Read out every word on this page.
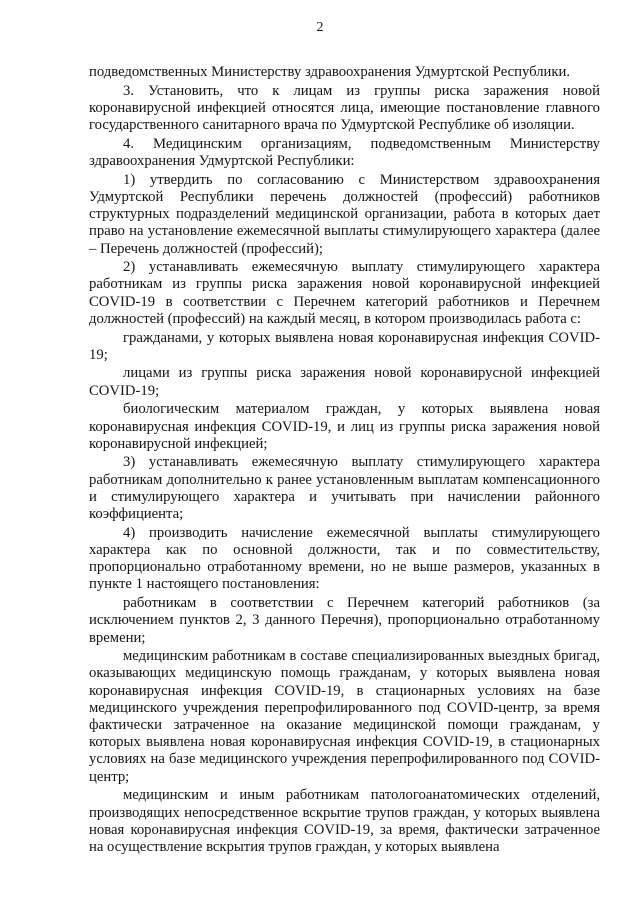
2

подведомственных Министерству здравоохранения Удмуртской Республики.

3. Установить, что к лицам из группы риска заражения новой коронавирусной инфекцией относятся лица, имеющие постановление главного государственного санитарного врача по Удмуртской Республике об изоляции.

4. Медицинским организациям, подведомственным Министерству здравоохранения Удмуртской Республики:

1) утвердить по согласованию с Министерством здравоохранения Удмуртской Республики перечень должностей (профессий) работников структурных подразделений медицинской организации, работа в которых дает право на установление ежемесячной выплаты стимулирующего характера (далее – Перечень должностей (профессий);

2) устанавливать ежемесячную выплату стимулирующего характера работникам из группы риска заражения новой коронавирусной инфекцией COVID-19 в соответствии с Перечнем категорий работников и Перечнем должностей (профессий) на каждый месяц, в котором производилась работа с:

гражданами, у которых выявлена новая коронавирусная инфекция COVID-19;

лицами из группы риска заражения новой коронавирусной инфекцией COVID-19;

биологическим материалом граждан, у которых выявлена новая коронавирусная инфекция COVID-19, и лиц из группы риска заражения новой коронавирусной инфекцией;

3) устанавливать ежемесячную выплату стимулирующего характера работникам дополнительно к ранее установленным выплатам компенсационного и стимулирующего характера и учитывать при начислении районного коэффициента;

4) производить начисление ежемесячной выплаты стимулирующего характера как по основной должности, так и по совместительству, пропорционально отработанному времени, но не выше размеров, указанных в пункте 1 настоящего постановления:

работникам в соответствии с Перечнем категорий работников (за исключением пунктов 2, 3 данного Перечня), пропорционально отработанному времени;

медицинским работникам в составе специализированных выездных бригад, оказывающих медицинскую помощь гражданам, у которых выявлена новая коронавирусная инфекция COVID-19, в стационарных условиях на базе медицинского учреждения перепрофилированного под COVID-центр, за время фактически затраченное на оказание медицинской помощи гражданам, у которых выявлена новая коронавирусная инфекция COVID-19, в стационарных условиях на базе медицинского учреждения перепрофилированного под COVID-центр;

медицинским и иным работникам патологоанатомических отделений, производящих непосредственное вскрытие трупов граждан, у которых выявлена новая коронавирусная инфекция COVID-19, за время, фактически затраченное на осуществление вскрытия трупов граждан, у которых выявлена
